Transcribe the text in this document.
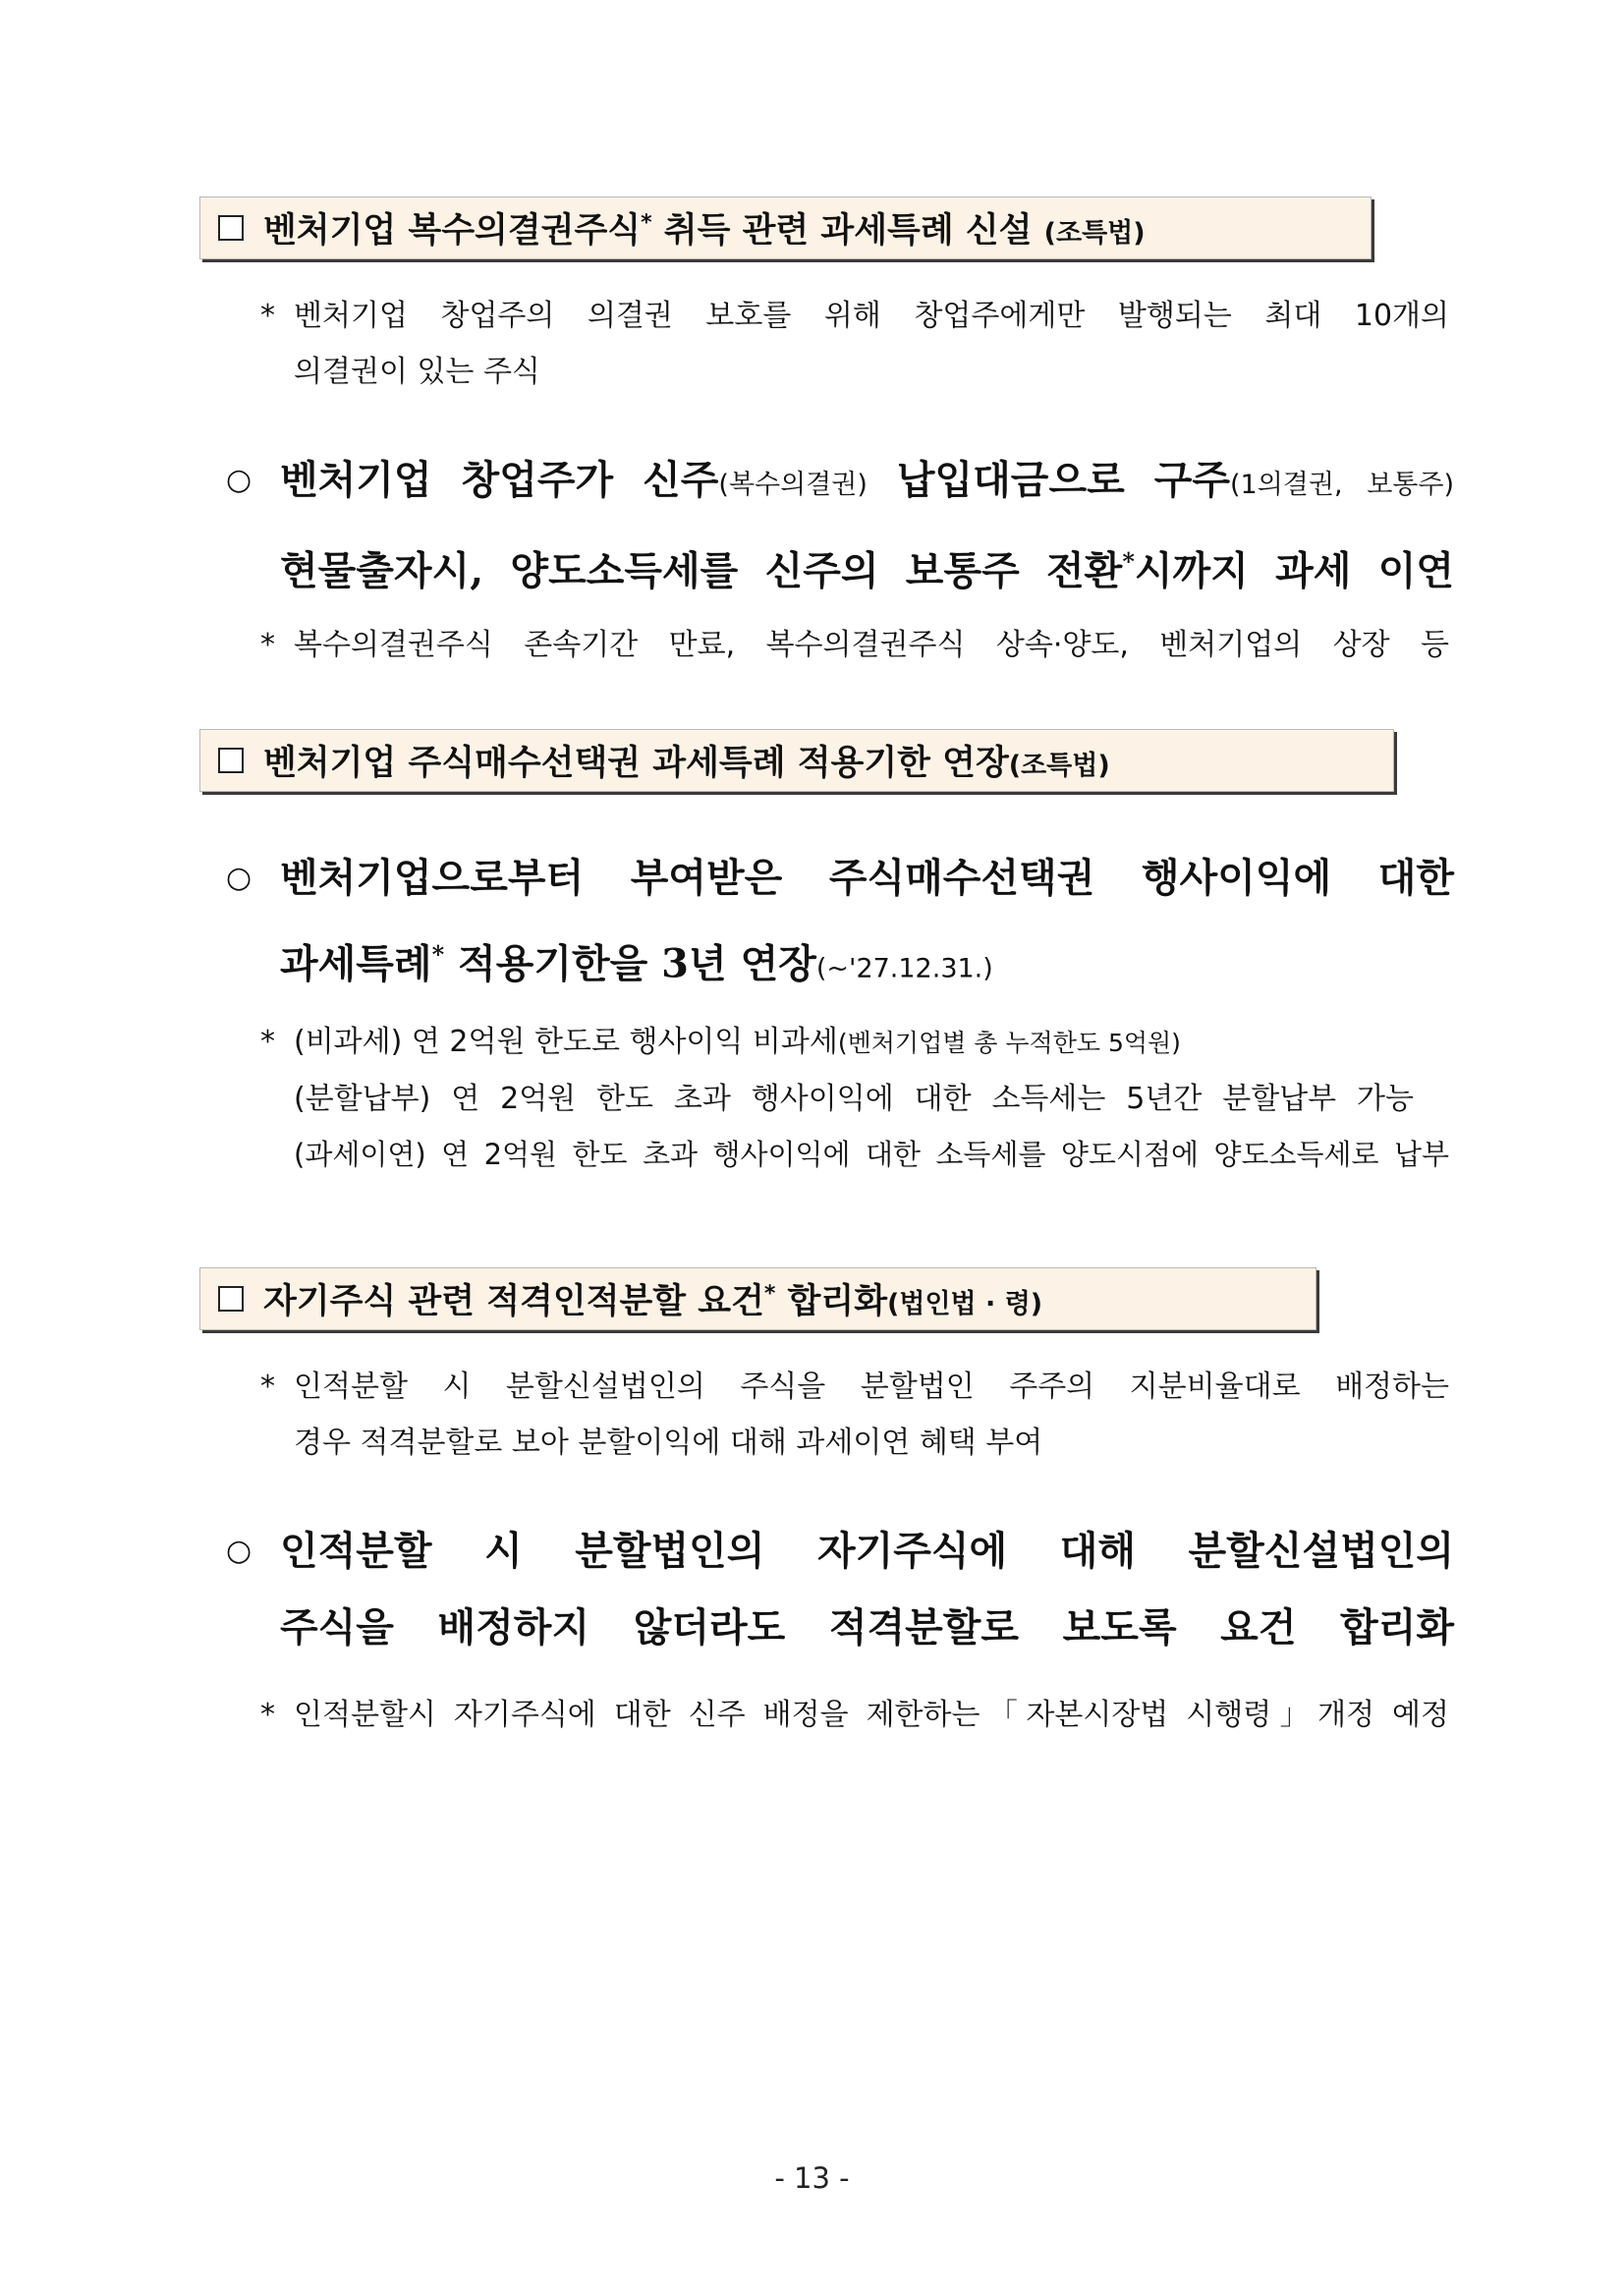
벤처기업 복수의결권주식* 취득 관련 과세특례 신설 (조특법)
* 벤처기업 창업주의 의결권 보호를 위해 창업주에게만 발행되는 최대 10개의
의결권이 있는 주식
○ 벤처기업 창업주가 신주(복수의결권) 납입대금으로 구주(1의결권, 보통주)
현물출자시, 양도소득세를 신주의 보통주 전환*시까지 과세 이연
* 복수의결권주식 존속기간 만료, 복수의결권주식 상속·양도, 벤처기업의 상장 등
벤처기업 주식매수선택권 과세특례 적용기한 연장(조특법)
○ 벤처기업으로부터 부여받은 주식매수선택권 행사이익에 대한
과세특례* 적용기한을 3년 연장(~'27.12.31.)
* (비과세) 연 2억원 한도로 행사이익 비과세(벤처기업별 총 누적한도 5억원)
(분할납부) 연 2억원 한도 초과 행사이익에 대한 소득세는 5년간 분할납부 가능
(과세이연) 연 2억원 한도 초과 행사이익에 대한 소득세를 양도시점에 양도소득세로 납부
자기주식 관련 적격인적분할 요건* 합리화(법인법 · 령)
* 인적분할 시 분할신설법인의 주식을 분할법인 주주의 지분비율대로 배정하는
경우 적격분할로 보아 분할이익에 대해 과세이연 혜택 부여
○ 인적분할 시 분할법인의 자기주식에 대해 분할신설법인의
주식을 배정하지 않더라도 적격분할로 보도록 요건 합리화
* 인적분할시 자기주식에 대한 신주 배정을 제한하는「자본시장법 시행령」개정 예정
- 13 -
